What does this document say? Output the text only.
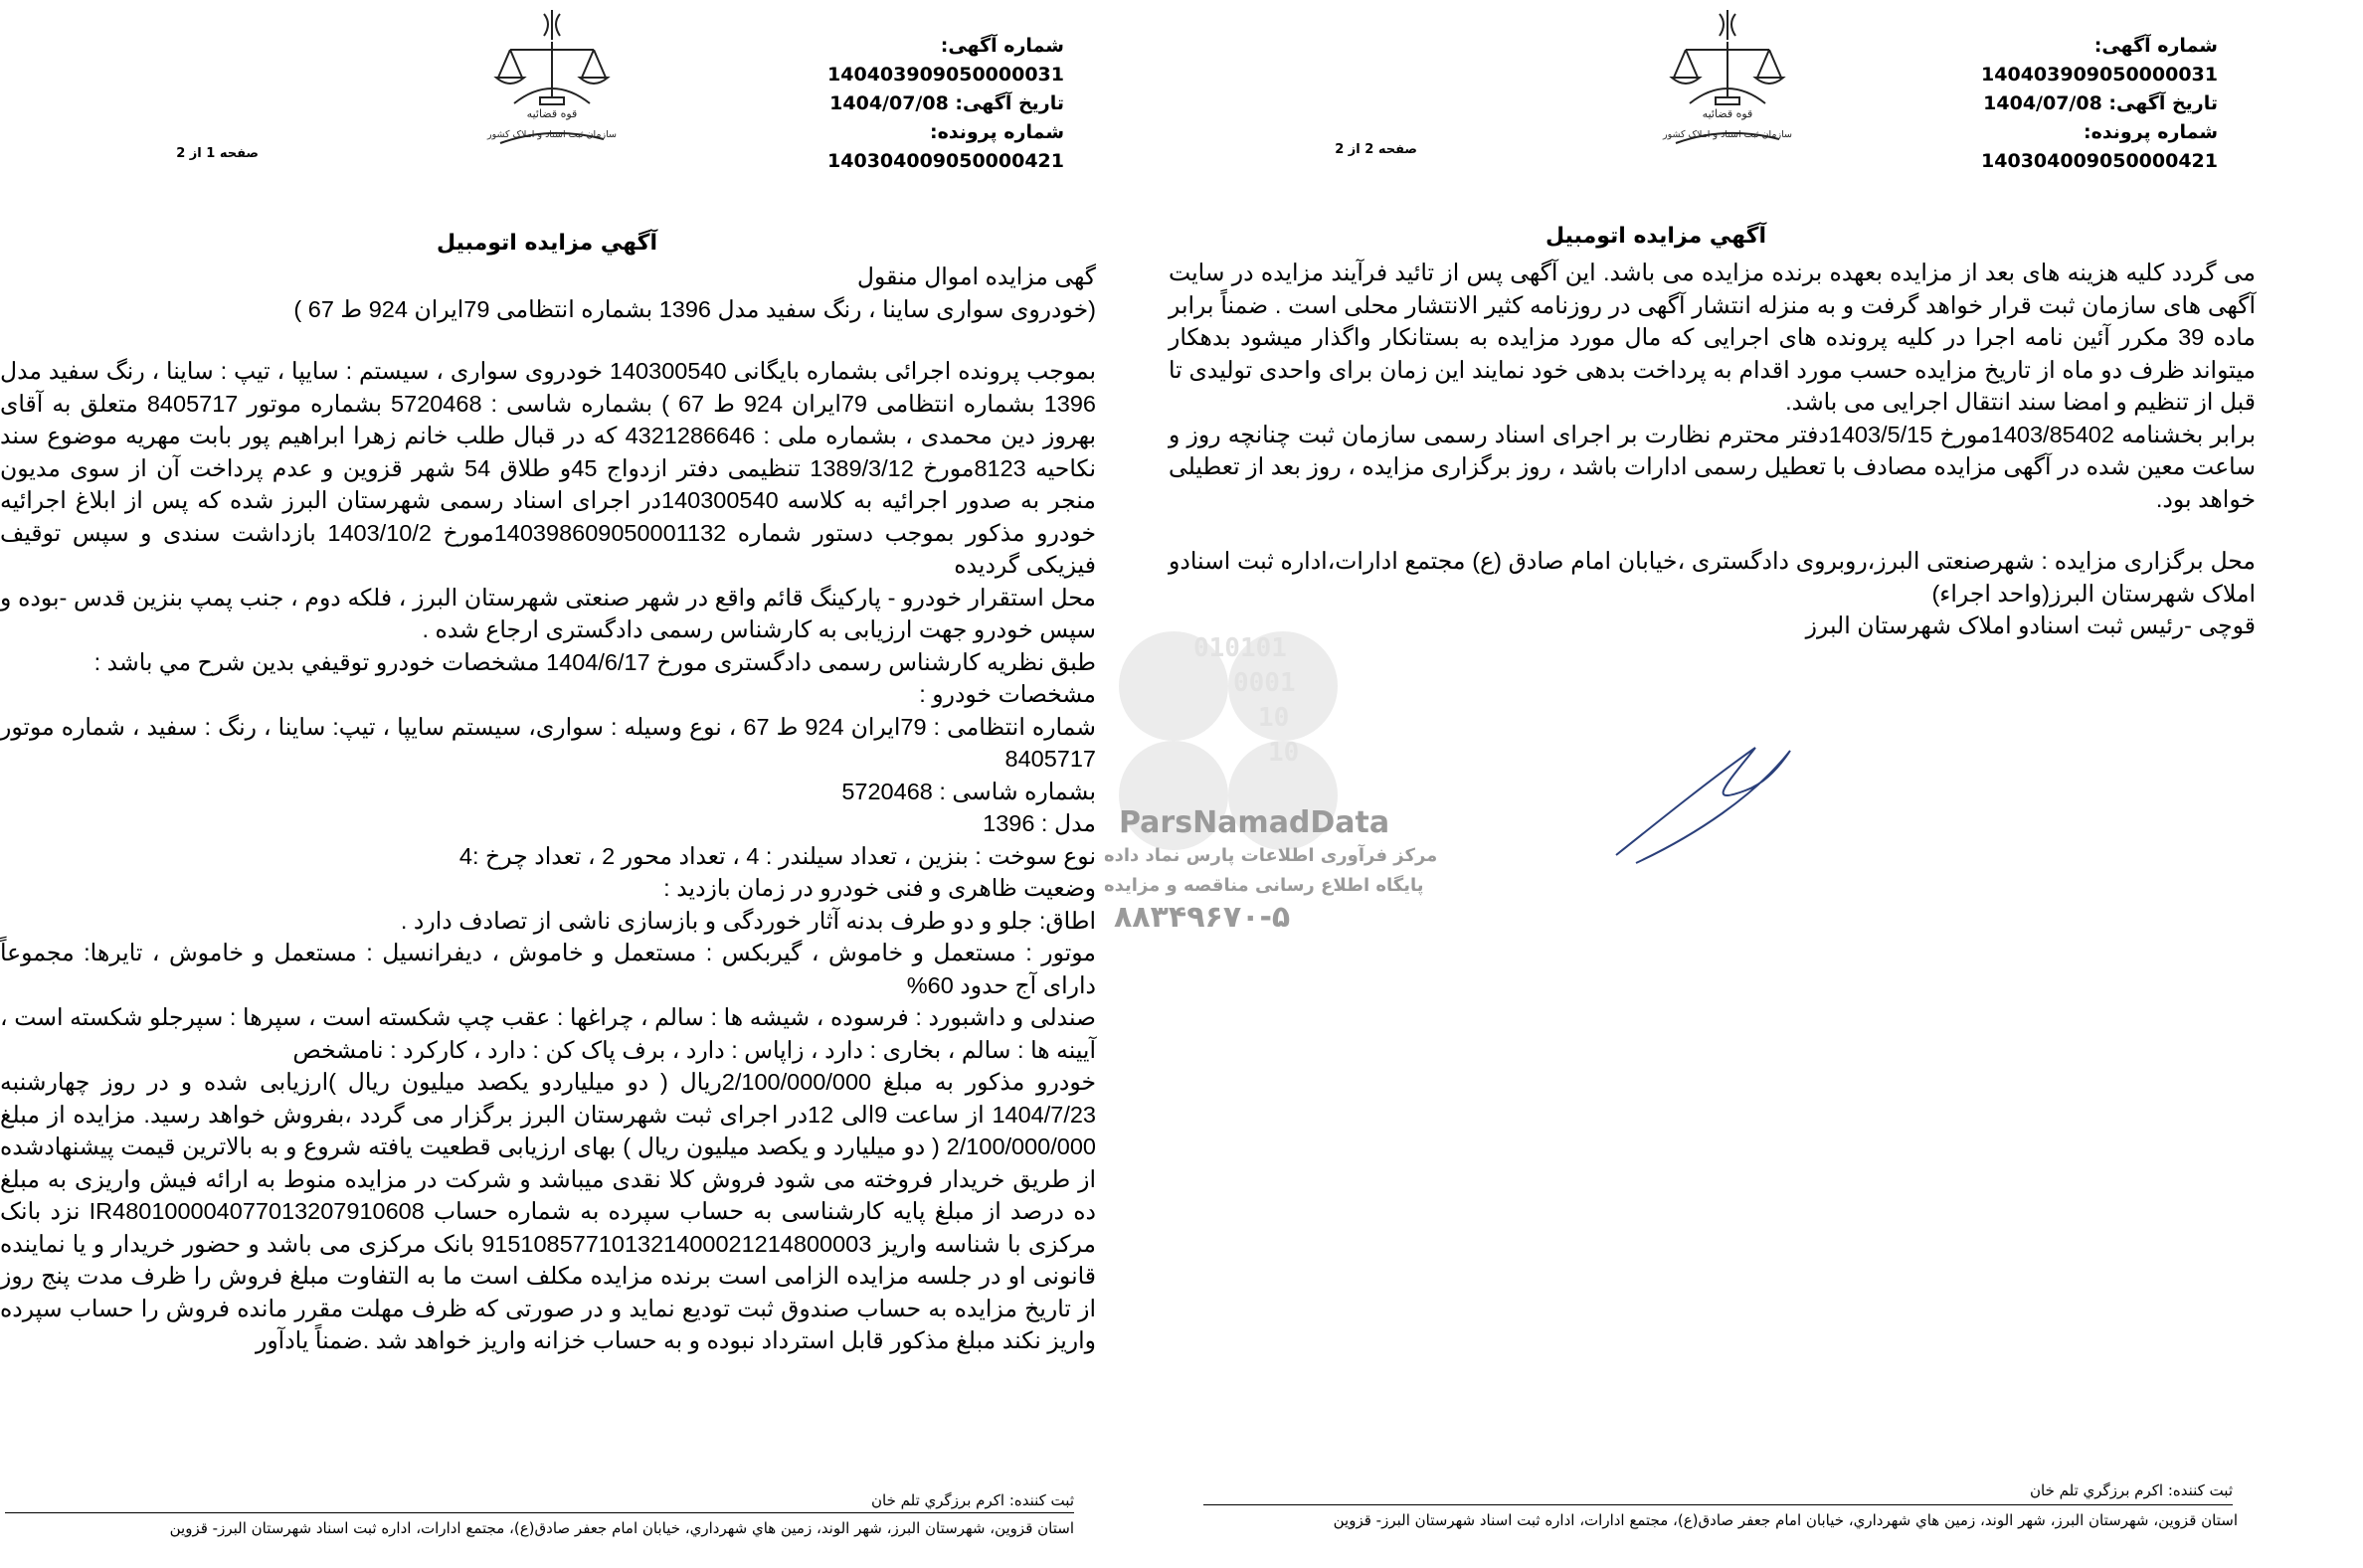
شماره آگهی: 140403909050000031
تاریخ آگهی: 1404/07/08
شماره پرونده: 140304009050000421
قوه قضائیه
سازمان ثبت اسناد و املاک کشور
صفحه 1 از 2
آگهي مزايده اتومبيل

گهی مزایده اموال منقول

(خودروی سواری ساینا ، رنگ سفید مدل 1396 بشماره انتظامی 79ایران 924 ط 67 )

بموجب پرونده اجرائی بشماره بایگانی 140300540 خودروی سواری ، سیستم : سایپا ، تیپ : ساینا ، رنگ سفید مدل 1396 بشماره انتظامی 79ایران 924 ط 67 ) بشماره شاسی : 5720468 بشماره موتور 8405717 متعلق به آقای بهروز دین محمدی ، بشماره ملی : 4321286646 که در قبال طلب خانم زهرا ابراهیم پور بابت مهریه موضوع سند نکاحیه 8123مورخ 1389/3/12 تنظیمی دفتر ازدواج 45و طلاق 54 شهر قزوین و عدم پرداخت آن از سوی مدیون منجر به صدور اجرائیه به کلاسه 140300540در اجرای اسناد رسمی شهرستان البرز شده که پس از ابلاغ اجرائیه خودرو مذکور بموجب دستور شماره 140398609050001132مورخ 1403/10/2 بازداشت سندی و سپس توقیف فیزیکی گردیده

محل استقرار خودرو - پارکینگ قائم واقع در شهر صنعتی شهرستان البرز ، فلکه دوم ، جنب پمپ بنزین قدس -بوده و سپس خودرو جهت ارزیابی به کارشناس رسمی دادگستری ارجاع شده .

طبق نظریه کارشناس رسمی دادگستری مورخ 1404/6/17 مشخصات خودرو توقيفي بدين شرح مي باشد :

مشخصات خودرو :

شماره انتظامی : 79ایران 924 ط 67 ، نوع وسیله : سواری، سیستم سایپا ، تیپ: ساینا ، رنگ : سفید ، شماره موتور 8405717

بشماره شاسی : 5720468

مدل : 1396

نوع سوخت : بنزین ، تعداد سیلندر : 4 ، تعداد محور 2 ، تعداد چرخ :4

وضعیت ظاهری و فنی خودرو در زمان بازدید :

اطاق: جلو و دو طرف بدنه آثار خوردگی و بازسازی ناشی از تصادف دارد .

موتور : مستعمل و خاموش ، گیربکس : مستعمل و خاموش ، دیفرانسیل : مستعمل و خاموش ، تایرها: مجموعاً دارای آج حدود 60%

صندلی و داشبورد : فرسوده ، شیشه ها : سالم ، چراغها : عقب چپ شکسته است ، سپرها : سپرجلو شکسته است ، آیینه ها : سالم ، بخاری : دارد ، زاپاس : دارد ، برف پاک کن : دارد ، کارکرد : نامشخص

خودرو مذکور به مبلغ 2/100/000/000ریال ( دو میلیاردو یکصد میلیون ریال )ارزیابی شده و در روز چهارشنبه 1404/7/23 از ساعت 9الی 12در اجرای ثبت شهرستان البرز برگزار می گردد ،بفروش خواهد رسید. مزایده از مبلغ 2/100/000/000 ( دو میلیارد و یکصد میلیون ریال ) بهای ارزیابی قطعیت یافته شروع و به بالاترین قیمت پیشنهادشده از طریق خریدار فروخته می شود فروش کلا نقدی میباشد و شرکت در مزایده منوط به ارائه فیش واریزی به مبلغ ده درصد از مبلغ پایه کارشناسی به حساب سپرده به شماره حساب IR480100004077013207910608 نزد بانک مرکزی با شناسه واریز 915108577101321400021214800003 بانک مرکزی می باشد و حضور خریدار و یا نماینده قانونی او در جلسه مزایده الزامی است برنده مزایده مکلف است ما به التفاوت مبلغ فروش را ظرف مدت پنج روز از تاریخ مزایده به حساب صندوق ثبت تودیع نماید و در صورتی که ظرف مهلت مقرر مانده فروش را حساب سپرده واریز نکند مبلغ مذکور قابل استرداد نبوده و به حساب خزانه واریز خواهد شد .ضمناً یادآور

ثبت كننده: اکرم برزگري تلم خان
استان قزوين، شهرستان البرز، شهر الوند، زمين هاي شهرداري، خيابان امام جعفر صادق(ع)، مجتمع ادارات، اداره ثبت اسناد شهرستان البرز- قزوين
شماره آگهی: 140403909050000031
تاریخ آگهی: 1404/07/08
شماره پرونده: 140304009050000421
قوه قضائیه
سازمان ثبت اسناد و املاک کشور
صفحه 2 از 2
آگهي مزايده اتومبيل

می گردد کلیه هزینه های بعد از مزایده بعهده برنده مزایده می باشد. این آگهی پس از تائید فرآیند مزایده در سایت آگهی های سازمان ثبت قرار خواهد گرفت و به منزله انتشار آگهی در روزنامه کثیر الانتشار محلی است . ضمناً برابر ماده 39 مکرر آئین نامه اجرا در کلیه پرونده های اجرایی که مال مورد مزایده به بستانکار واگذار میشود بدهکار میتواند ظرف دو ماه از تاریخ مزایده حسب مورد اقدام به پرداخت بدهی خود نمایند این زمان برای واحدی تولیدی تا قبل از تنظیم و امضا سند انتقال اجرایی می باشد.

برابر بخشنامه 1403/85402مورخ 1403/5/15دفتر محترم نظارت بر اجرای اسناد رسمی سازمان ثبت چنانچه روز و ساعت معین شده در آگهی مزایده مصادف با تعطیل رسمی ادارات باشد ، روز برگزاری مزایده ، روز بعد از تعطیلی خواهد بود.

محل برگزاری مزایده : شهرصنعتی البرز،روبروی دادگستری ،خیابان امام صادق (ع) مجتمع ادارات،اداره ثبت اسنادو املاک شهرستان البرز(واحد اجراء)

قوچی -رئیس ثبت اسنادو املاک شهرستان البرز

ثبت كننده: اکرم برزگري تلم خان
استان قزوين، شهرستان البرز، شهر الوند، زمين هاي شهرداري، خيابان امام جعفر صادق(ع)، مجتمع ادارات، اداره ثبت اسناد شهرستان البرز- قزوين
010101
0001
10
10
ParsNamadData
مرکز فرآوری اطلاعات پارس نماد داده
پایگاه اطلاع رسانی مناقصه و مزایده
۸۸۳۴۹۶۷۰-۵
